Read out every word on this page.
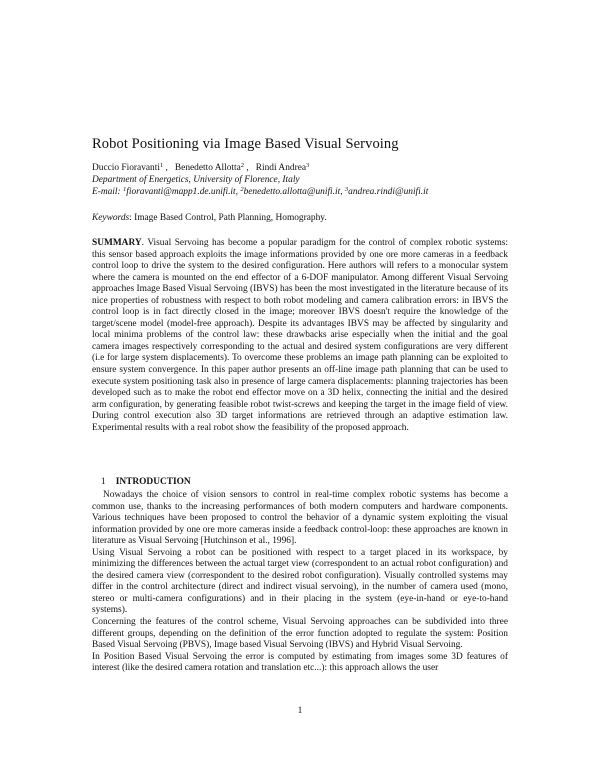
Robot Positioning via Image Based Visual Servoing
Duccio Fioravanti$^1$ ,   Benedetto Allotta$^2$ ,   Rindi Andrea$^3$
Department of Energetics, University of Florence, Italy
E-mail: $^1$fioravanti@mapp1.de.unifi.it, $^2$benedetto.allotta@unifi.it, $^3$andrea.rindi@unifi.it
Keywords: Image Based Control, Path Planning, Homography.
SUMMARY. Visual Servoing has become a popular paradigm for the control of complex robotic systems: this sensor based approach exploits the image informations provided by one ore more cameras in a feedback control loop to drive the system to the desired configuration. Here authors will refers to a monocular system where the camera is mounted on the end effector of a 6-DOF manipulator. Among different Visual Servoing approaches Image Based Visual Servoing (IBVS) has been the most investigated in the literature because of its nice properties of robustness with respect to both robot modeling and camera calibration errors: in IBVS the control loop is in fact directly closed in the image; moreover IBVS doesn't require the knowledge of the target/scene model (model-free approach). Despite its advantages IBVS may be affected by singularity and local minima problems of the control law: these drawbacks arise especially when the initial and the goal camera images respectively corresponding to the actual and desired system configurations are very different (i.e for large system displacements). To overcome these problems an image path planning can be exploited to ensure system convergence. In this paper author presents an off-line image path planning that can be used to execute system positioning task also in presence of large camera displacements: planning trajectories has been developed such as to make the robot end effector move on a 3D helix, connecting the initial and the desired arm configuration, by generating feasible robot twist-screws and keeping the target in the image field of view. During control execution also 3D target informations are retrieved through an adaptive estimation law. Experimental results with a real robot show the feasibility of the proposed approach.
1 INTRODUCTION

Nowadays the choice of vision sensors to control in real-time complex robotic systems has become a common use, thanks to the increasing performances of both modern computers and hardware components. Various techniques have been proposed to control the behavior of a dynamic system exploiting the visual information provided by one ore more cameras inside a feedback control-loop: these approaches are known in literature as Visual Servoing [Hutchinson et al., 1996].

Using Visual Servoing a robot can be positioned with respect to a target placed in its workspace, by minimizing the differences between the actual target view (correspondent to an actual robot configuration) and the desired camera view (correspondent to the desired robot configuration). Visually controlled systems may differ in the control architecture (direct and indirect visual servoing), in the number of camera used (mono, stereo or multi-camera configurations) and in their placing in the system (eye-in-hand or eye-to-hand systems).

Concerning the features of the control scheme, Visual Servoing approaches can be subdivided into three different groups, depending on the definition of the error function adopted to regulate the system: Position Based Visual Servoing (PBVS), Image based Visual Servoing (IBVS) and Hybrid Visual Servoing.

In Position Based Visual Servoing the error is computed by estimating from images some 3D features of interest (like the desired camera rotation and translation etc...): this approach allows the user

1
